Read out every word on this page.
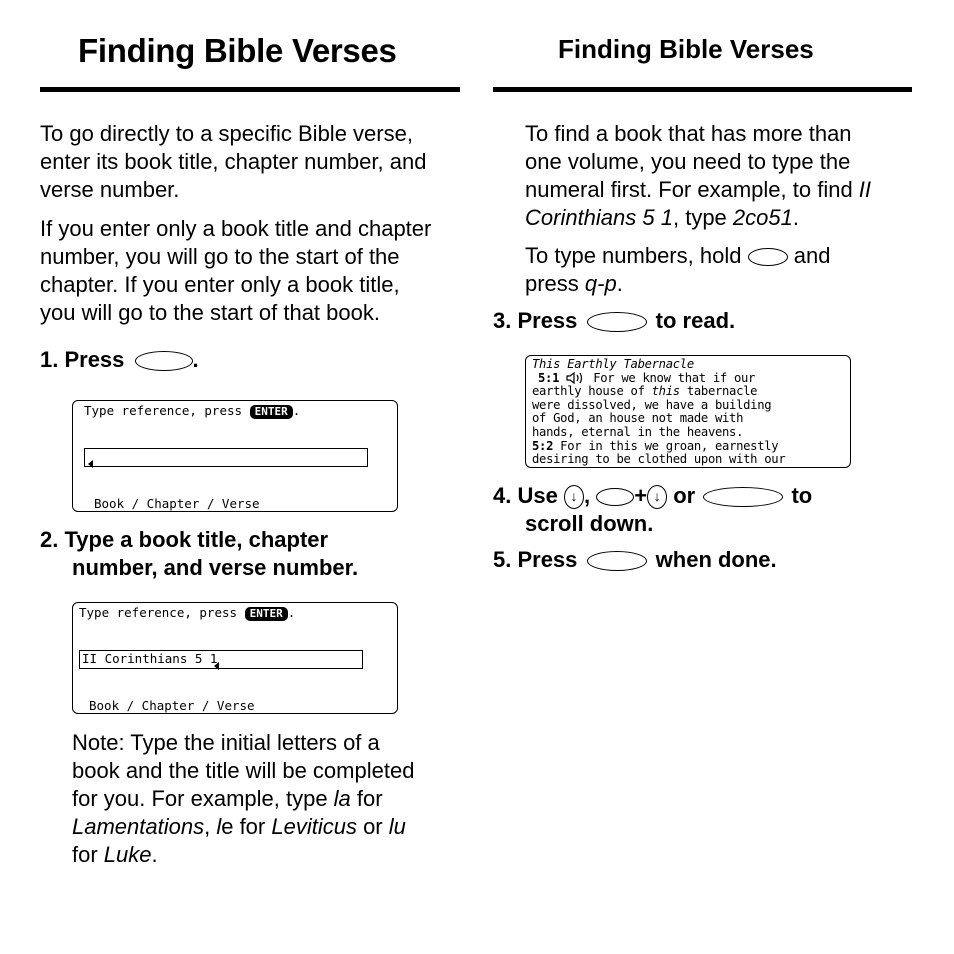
Finding Bible Verses
To go directly to a specific Bible verse,
enter its book title, chapter number, and
verse number.
If you enter only a book title and chapter
number, you will go to the start of the
chapter. If you enter only a book title,
you will go to the start of that book.
1. Press	.
Type reference, press ENTER .
Book / Chapter / Verse
2. Type a book title, chapter
number, and verse number.
Type reference, press ENTER .
II Corinthians 5 1
Book / Chapter / Verse
Note: Type the initial letters of a
book and the title will be completed
for you. For example, type la for
Lamentations, le for Leviticus or lu
for Luke.
Finding Bible Verses
To find a book that has more than
one volume, you need to type the
numeral first. For example, to find II
Corinthians 5 1, type 2co51.
To type numbers, hold and
press q-p.
3. Press	to read.
This Earthly Tabernacle
5:1	For we know that if our
earthly house of this tabernacle
were dissolved, we have a building
of God, an house not made with
hands, eternal in the heavens.
5:2 For in this we groan, earnestly
desiring to be clothed upon with our
4. Use ↓ , + ↓ or	to
scroll down.
5. Press	when done.
